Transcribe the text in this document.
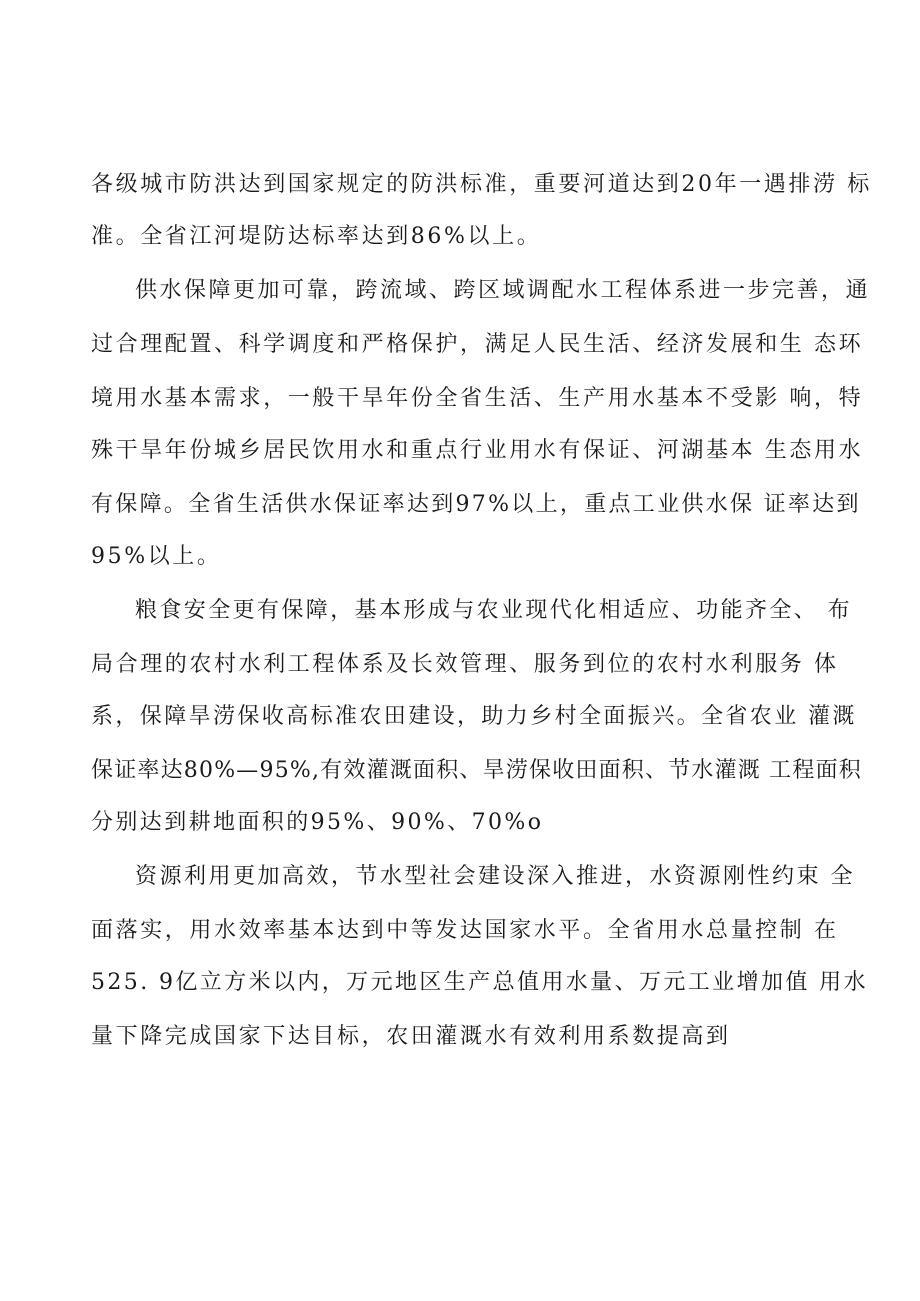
各级城市防洪达到国家规定的防洪标准，重要河道达到20年一遇排涝 标
准。全省江河堤防达标率达到86%以上。
供水保障更加可靠，跨流域、跨区域调配水工程体系进一步完善，通
过合理配置、科学调度和严格保护，满足人民生活、经济发展和生 态环
境用水基本需求，一般干旱年份全省生活、生产用水基本不受影 响，特
殊干旱年份城乡居民饮用水和重点行业用水有保证、河湖基本 生态用水
有保障。全省生活供水保证率达到97%以上，重点工业供水保 证率达到
95%以上。
粮食安全更有保障，基本形成与农业现代化相适应、功能齐全、 布
局合理的农村水利工程体系及长效管理、服务到位的农村水利服务 体
系，保障旱涝保收高标准农田建设，助力乡村全面振兴。全省农业 灌溉
保证率达80%—95%,有效灌溉面积、旱涝保收田面积、节水灌溉 工程面积
分别达到耕地面积的95%、90%、70%o
资源利用更加高效，节水型社会建设深入推进，水资源刚性约束 全
面落实，用水效率基本达到中等发达国家水平。全省用水总量控制 在
525. 9亿立方米以内，万元地区生产总值用水量、万元工业增加值 用水
量下降完成国家下达目标，农田灌溉水有效利用系数提高到
